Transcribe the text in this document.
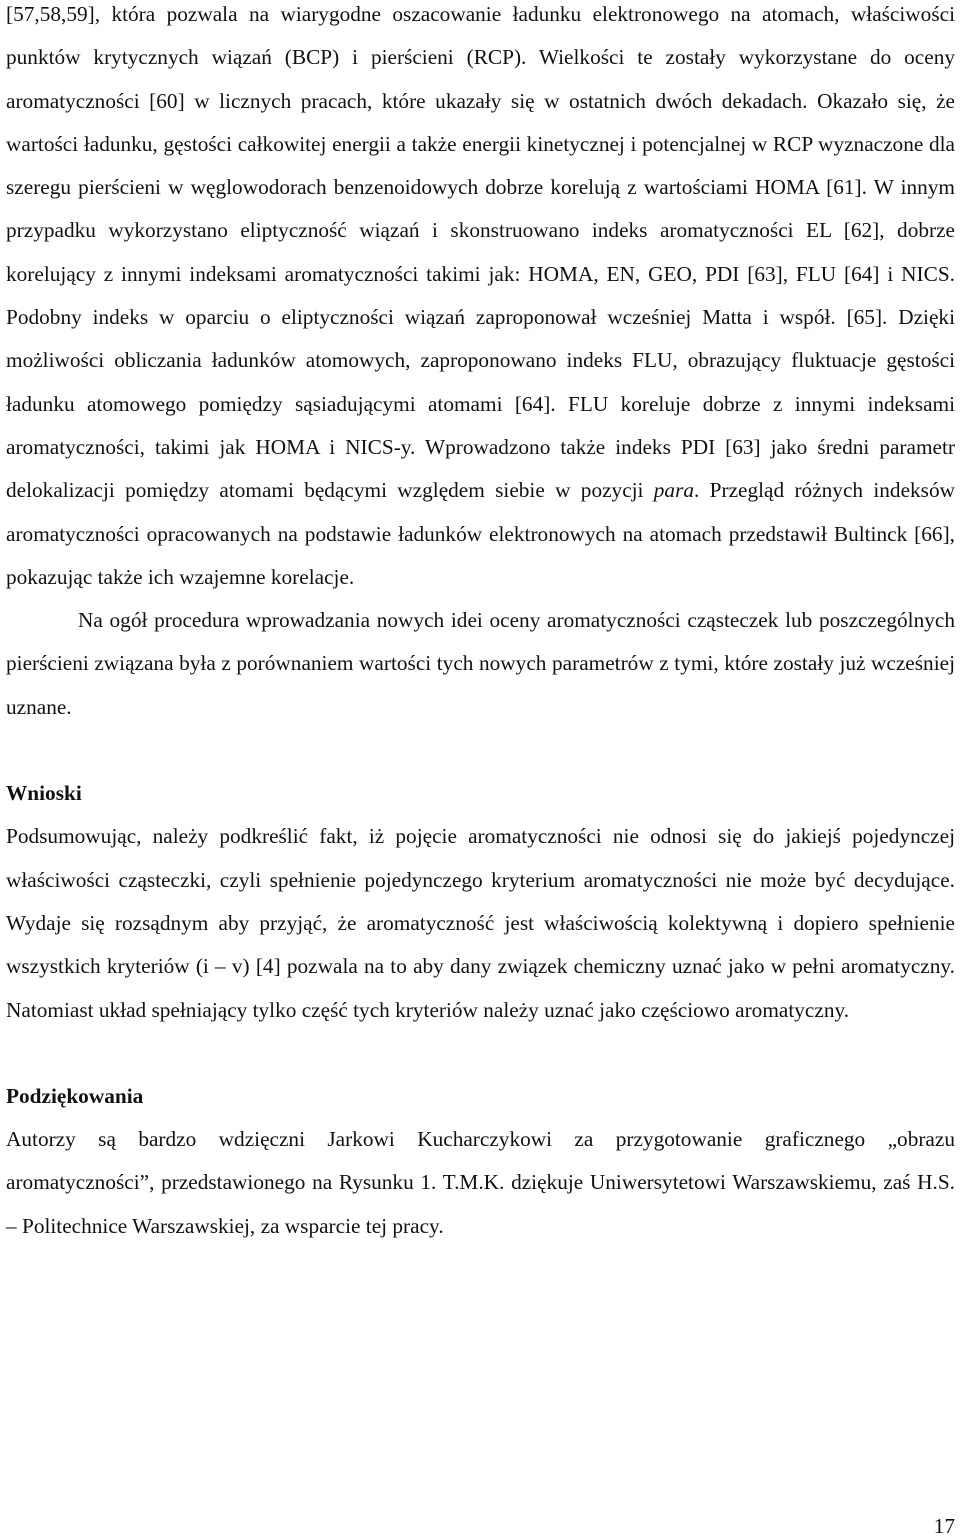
[57,58,59], która pozwala na wiarygodne oszacowanie ładunku elektronowego na atomach, właściwości punktów krytycznych wiązań (BCP) i pierścieni (RCP). Wielkości te zostały wykorzystane do oceny aromatyczności [60] w licznych pracach, które ukazały się w ostatnich dwóch dekadach. Okazało się, że wartości ładunku, gęstości całkowitej energii a także energii kinetycznej i potencjalnej w RCP wyznaczone dla szeregu pierścieni w węglowodorach benzenoidowych dobrze korelują z wartościami HOMA [61]. W innym przypadku wykorzystano eliptyczność wiązań i skonstruowano indeks aromatyczności EL [62], dobrze korelujący z innymi indeksami aromatyczności takimi jak: HOMA, EN, GEO, PDI [63], FLU [64] i NICS. Podobny indeks w oparciu o eliptyczności wiązań zaproponował wcześniej Matta i współ. [65]. Dzięki możliwości obliczania ładunków atomowych, zaproponowano indeks FLU, obrazujący fluktuacje gęstości ładunku atomowego pomiędzy sąsiadującymi atomami [64]. FLU koreluje dobrze z innymi indeksami aromatyczności, takimi jak HOMA i NICS-y. Wprowadzono także indeks PDI [63] jako średni parametr delokalizacji pomiędzy atomami będącymi względem siebie w pozycji para. Przegląd różnych indeksów aromatyczności opracowanych na podstawie ładunków elektronowych na atomach przedstawił Bultinck [66], pokazując także ich wzajemne korelacje.

Na ogół procedura wprowadzania nowych idei oceny aromatyczności cząsteczek lub poszczególnych pierścieni związana była z porównaniem wartości tych nowych parametrów z tymi, które zostały już wcześniej uznane.

Wnioski

Podsumowując, należy podkreślić fakt, iż pojęcie aromatyczności nie odnosi się do jakiejś pojedynczej właściwości cząsteczki, czyli spełnienie pojedynczego kryterium aromatyczności nie może być decydujące. Wydaje się rozsądnym aby przyjąć, że aromatyczność jest właściwością kolektywną i dopiero spełnienie wszystkich kryteriów (i – v) [4] pozwala na to aby dany związek chemiczny uznać jako w pełni aromatyczny. Natomiast układ spełniający tylko część tych kryteriów należy uznać jako częściowo aromatyczny.

Podziękowania

Autorzy są bardzo wdzięczni Jarkowi Kucharczykowi za przygotowanie graficznego „obrazu aromatyczności”, przedstawionego na Rysunku 1. T.M.K. dziękuje Uniwersytetowi Warszawskiemu, zaś H.S. – Politechnice Warszawskiej, za wsparcie tej pracy.

17
